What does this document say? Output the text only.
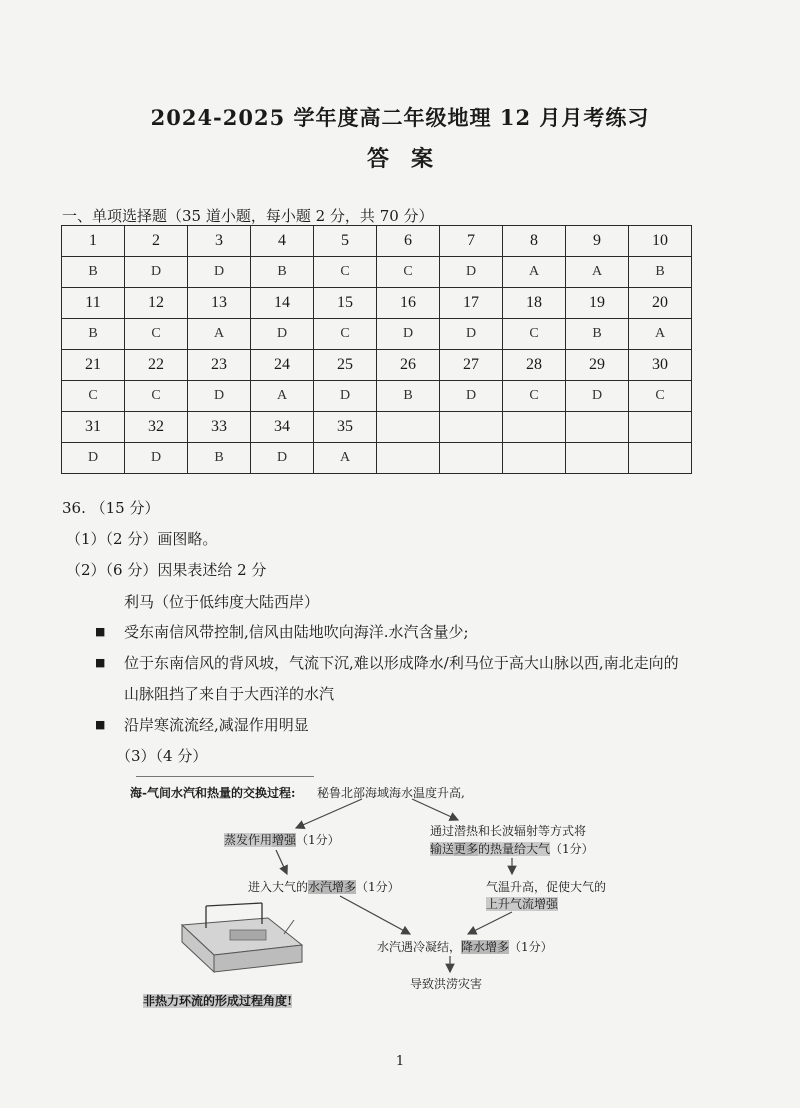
2024-2025 学年度高二年级地理 12 月月考练习
答案
一、单项选择题（35 道小题，每小题 2 分，共 70 分）
1	2	3	4	5	6	7	8	9	10
B	D	D	B	C	C	D	A	A	B
11	12	13	14	15	16	17	18	19	20
B	C	A	D	C	D	D	C	B	A
21	22	23	24	25	26	27	28	29	30
C	C	D	A	D	B	D	C	D	C
31	32	33	34	35					
D	D	B	D	A					
36. （15 分）
（1）（2 分）画图略。
（2）（6 分）因果表述给 2 分
利马（位于低纬度大陆西岸）
■ 受东南信风带控制,信风由陆地吹向海洋.水汽含量少;
■ 位于东南信风的背风坡，气流下沉,难以形成降水/利马位于高大山脉以西,南北走向的
山脉阻挡了来自于大西洋的水汽
■ 沿岸寒流流经,减湿作用明显
（3）（4 分）
海-气间水汽和热量的交换过程: 秘鲁北部海域海水温度升高,
蒸发作用增强（1分）
通过潜热和长波辐射等方式将
输送更多的热量给大气（1分）
进入大气的水汽增多（1分）	气温升高，促使大气的
上升气流增强
水汽遇冷凝结，降水增多（1分）
导致洪涝灾害
非热力环流的形成过程角度!
1
